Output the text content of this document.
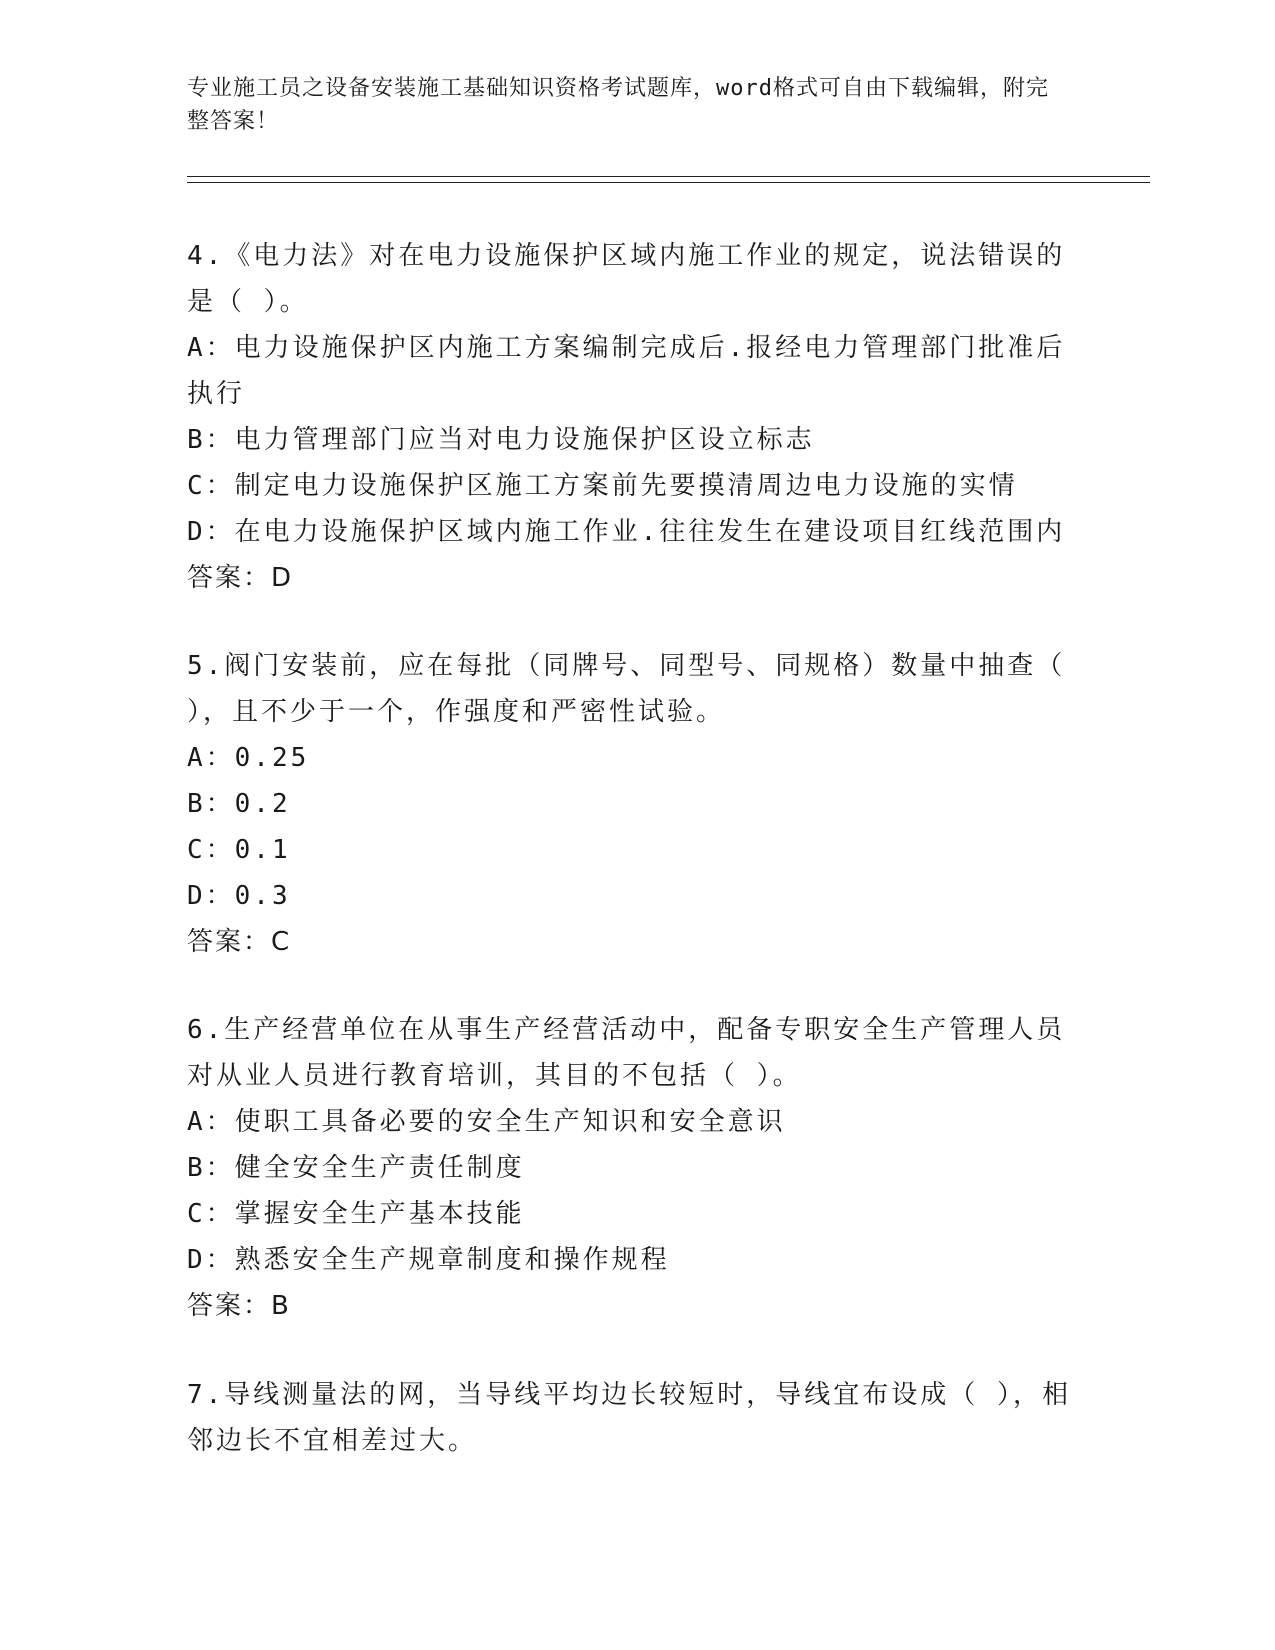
专业施工员之设备安装施工基础知识资格考试题库，word格式可自由下载编辑，附完整答案！

4.《电力法》对在电力设施保护区域内施工作业的规定，说法错误的是（ ）。

A：电力设施保护区内施工方案编制完成后.报经电力管理部门批准后执行

B：电力管理部门应当对电力设施保护区设立标志

C：制定电力设施保护区施工方案前先要摸清周边电力设施的实情

D：在电力设施保护区域内施工作业.往往发生在建设项目红线范围内

答案：D

5.阀门安装前，应在每批（同牌号、同型号、同规格）数量中抽查（ ），且不少于一个，作强度和严密性试验。

A：0.25

B：0.2

C：0.1

D：0.3

答案：C

6.生产经营单位在从事生产经营活动中，配备专职安全生产管理人员对从业人员进行教育培训，其目的不包括（ ）。

A：使职工具备必要的安全生产知识和安全意识

B：健全安全生产责任制度

C：掌握安全生产基本技能

D：熟悉安全生产规章制度和操作规程

答案：B

7.导线测量法的网，当导线平均边长较短时，导线宜布设成（ ），相邻边长不宜相差过大。
